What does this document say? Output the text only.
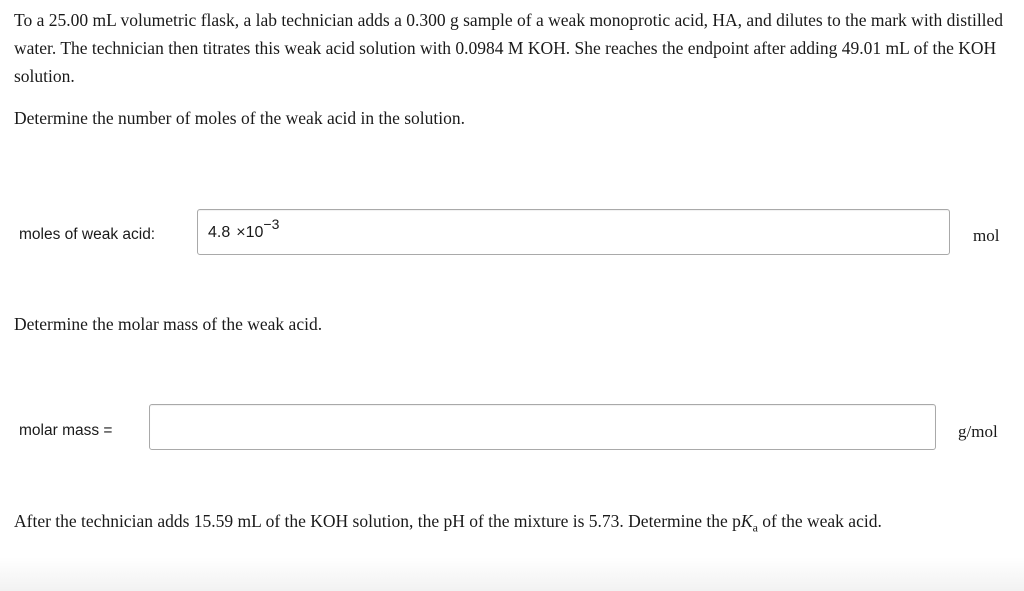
To a 25.00 mL volumetric flask, a lab technician adds a 0.300 g sample of a weak monoprotic acid, HA, and dilutes to the mark with distilled water. The technician then titrates this weak acid solution with 0.0984 M KOH. She reaches the endpoint after adding 49.01 mL of the KOH solution.
Determine the number of moles of the weak acid in the solution.
moles of weak acid:	$4.8 \times 10^{-3}$
mol
Determine the molar mass of the weak acid.
molar mass =	g/mol
After the technician adds 15.59 mL of the KOH solution, the pH of the mixture is 5.73. Determine the $pK_a$ of the weak acid.
